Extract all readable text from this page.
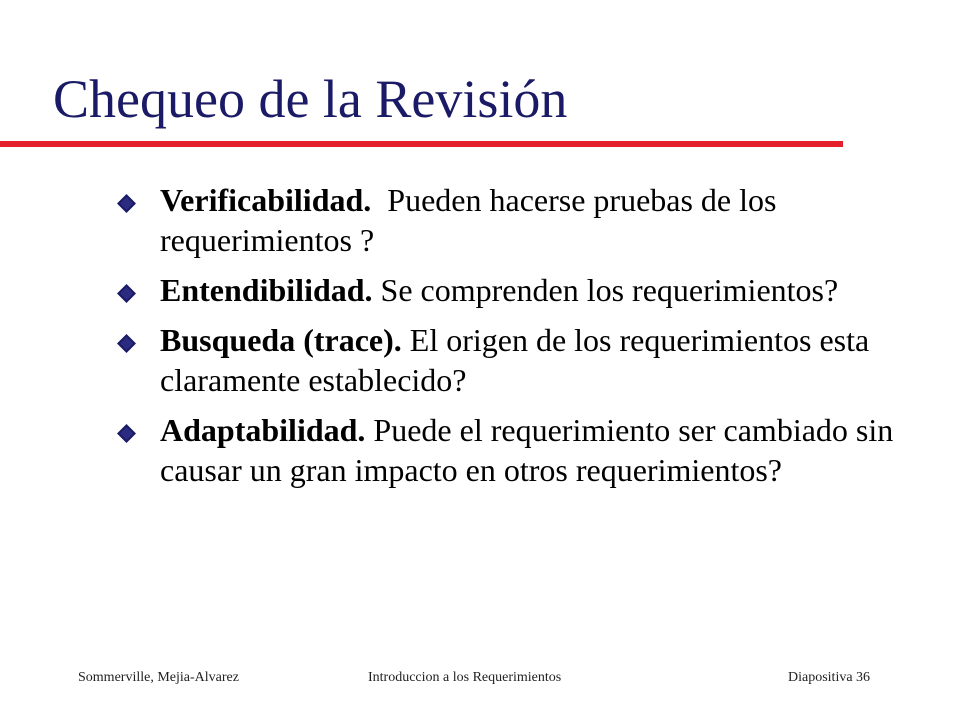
Chequeo de la Revisión
Verificabilidad.  Pueden hacerse pruebas de los requerimientos ?
Entendibilidad. Se comprenden los requerimientos?
Busqueda (trace). El origen de los requerimientos esta claramente establecido?
Adaptabilidad. Puede el requerimiento ser cambiado sin causar un gran impacto en otros requerimientos?
Sommerville, Mejia-Alvarez	Introduccion a los Requerimientos	Diapositiva 36
